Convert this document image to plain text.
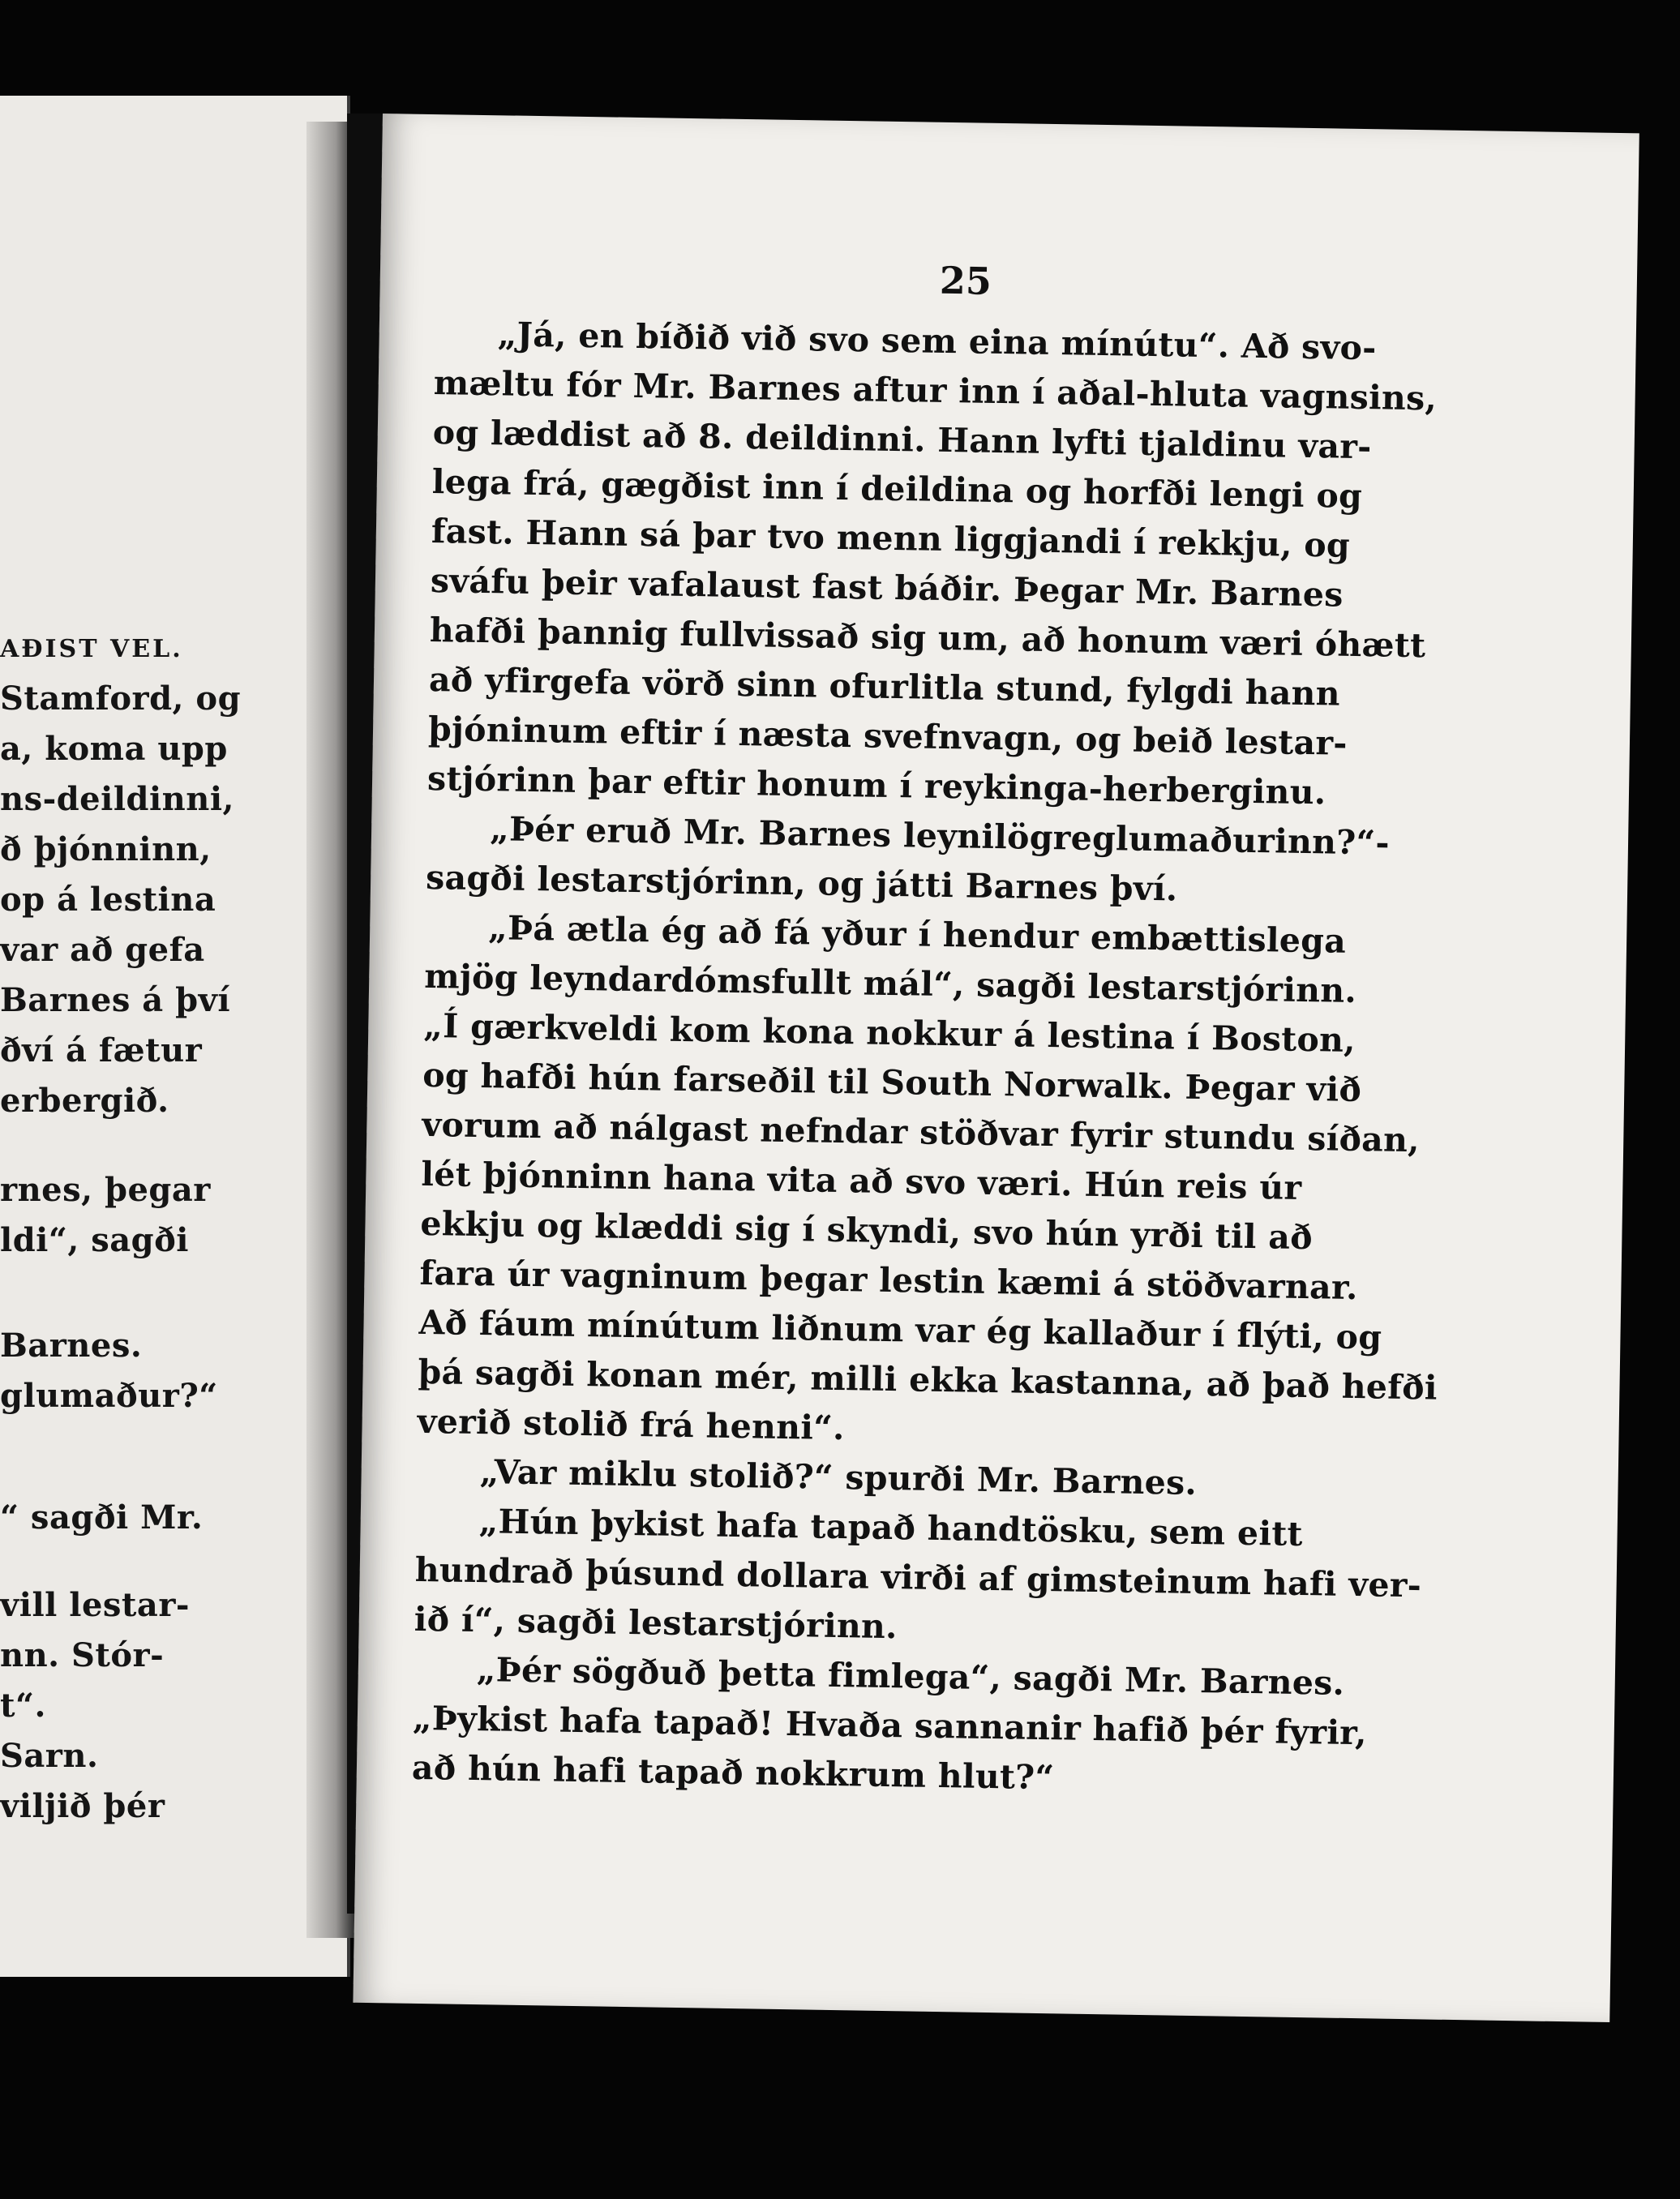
AÐIST VEL.
Stamford, og
a, koma upp
ns-deildinni,
ð þjónninn,
op á lestina
var að gefa
Barnes á því
ðví á fætur
erbergið.
rnes, þegar
ldi“, sagði
Barnes.
glumaður?“
“ sagði Mr.
vill lestar-
nn. Stór-
t“.
Sarn.
viljið þér
25
„Já, en bíðið við svo sem eina mínútu“. Að svo-
mæltu fór Mr. Barnes aftur inn í aðal-hluta vagnsins,
og læddist að 8. deildinni. Hann lyfti tjaldinu var-
lega frá, gægðist inn í deildina og horfði lengi og
fast. Hann sá þar tvo menn liggjandi í rekkju, og
sváfu þeir vafalaust fast báðir. Þegar Mr. Barnes
hafði þannig fullvissað sig um, að honum væri óhætt
að yfirgefa vörð sinn ofurlitla stund, fylgdi hann
þjóninum eftir í næsta svefnvagn, og beið lestar-
stjórinn þar eftir honum í reykinga-herberginu.
„Þér eruð Mr. Barnes leynilögreglumaðurinn?“-
sagði lestarstjórinn, og játti Barnes því.
„Þá ætla ég að fá yður í hendur embættislega
mjög leyndardómsfullt mál“, sagði lestarstjórinn.
„Í gærkveldi kom kona nokkur á lestina í Boston,
og hafði hún farseðil til South Norwalk. Þegar við
vorum að nálgast nefndar stöðvar fyrir stundu síðan,
lét þjónninn hana vita að svo væri. Hún reis úr
ekkju og klæddi sig í skyndi, svo hún yrði til að
fara úr vagninum þegar lestin kæmi á stöðvarnar.
Að fáum mínútum liðnum var ég kallaður í flýti, og
þá sagði konan mér, milli ekka kastanna, að það hefði
verið stolið frá henni“.
„Var miklu stolið?“ spurði Mr. Barnes.
„Hún þykist hafa tapað handtösku, sem eitt
hundrað þúsund dollara virði af gimsteinum hafi ver-
ið í“, sagði lestarstjórinn.
„Þér sögðuð þetta fimlega“, sagði Mr. Barnes.
„Þykist hafa tapað! Hvaða sannanir hafið þér fyrir,
að hún hafi tapað nokkrum hlut?“
